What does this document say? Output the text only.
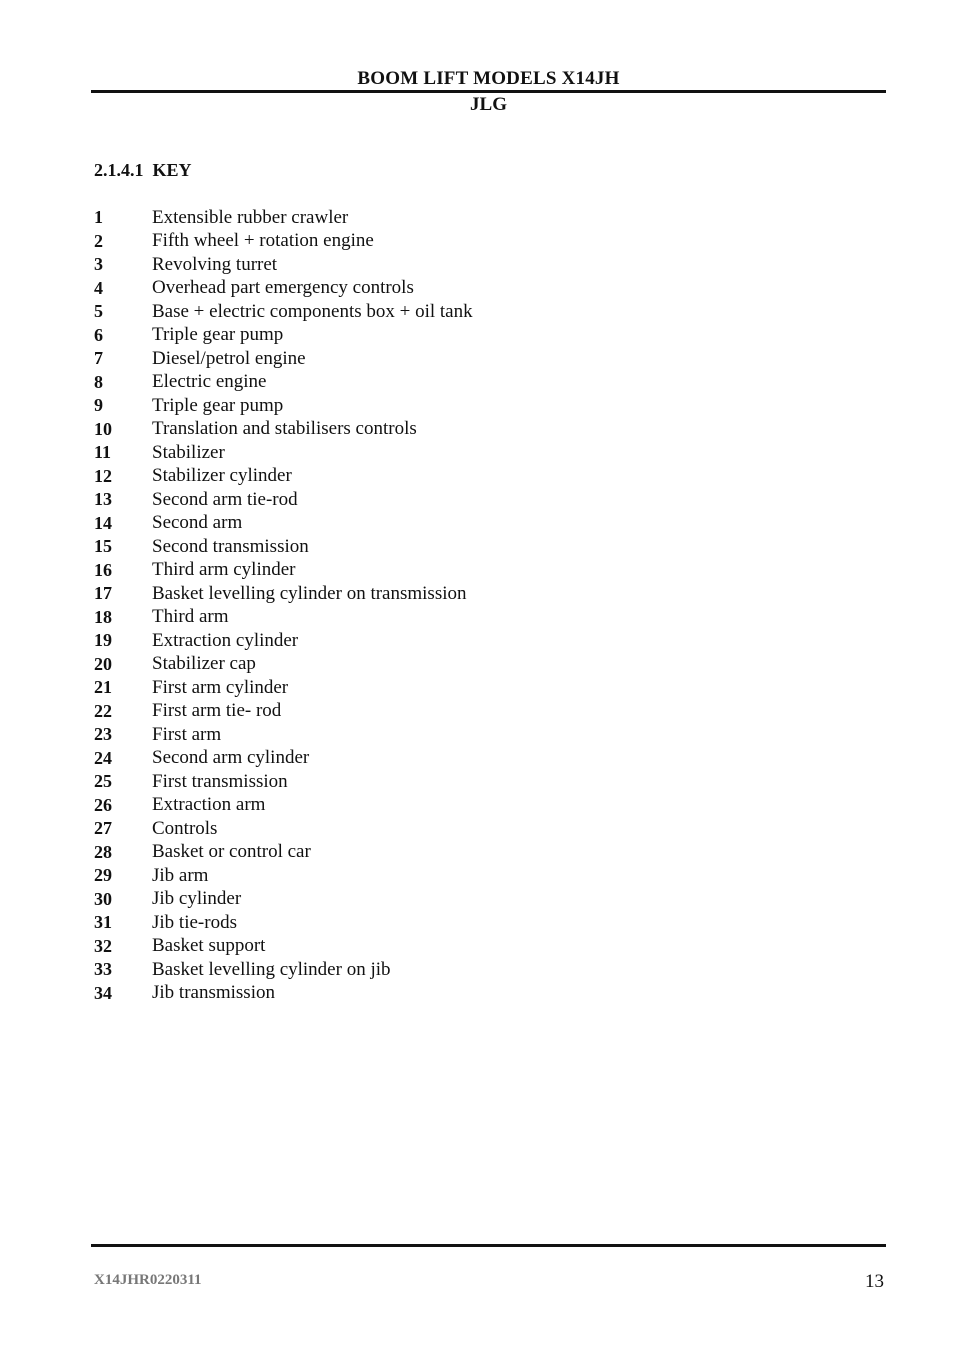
BOOM LIFT MODELS X14JH
JLG
2.1.4.1  KEY
1	Extensible rubber crawler
2	Fifth wheel + rotation engine
3	Revolving turret
4	Overhead part emergency controls
5	Base + electric components box + oil tank
6	Triple gear pump
7	Diesel/petrol engine
8	Electric engine
9	Triple gear pump
10	Translation and stabilisers controls
11	Stabilizer
12	Stabilizer cylinder
13	Second arm tie-rod
14	Second arm
15	Second transmission
16	Third arm cylinder
17	Basket levelling cylinder on transmission
18	Third arm
19	Extraction cylinder
20	Stabilizer cap
21	First arm cylinder
22	First arm tie- rod
23	First arm
24	Second arm cylinder
25	First transmission
26	Extraction arm
27	Controls
28	Basket or control car
29	Jib arm
30	Jib cylinder
31	Jib tie-rods
32	Basket support
33	Basket levelling cylinder on jib
34	Jib transmission
X14JHR0220311	13
